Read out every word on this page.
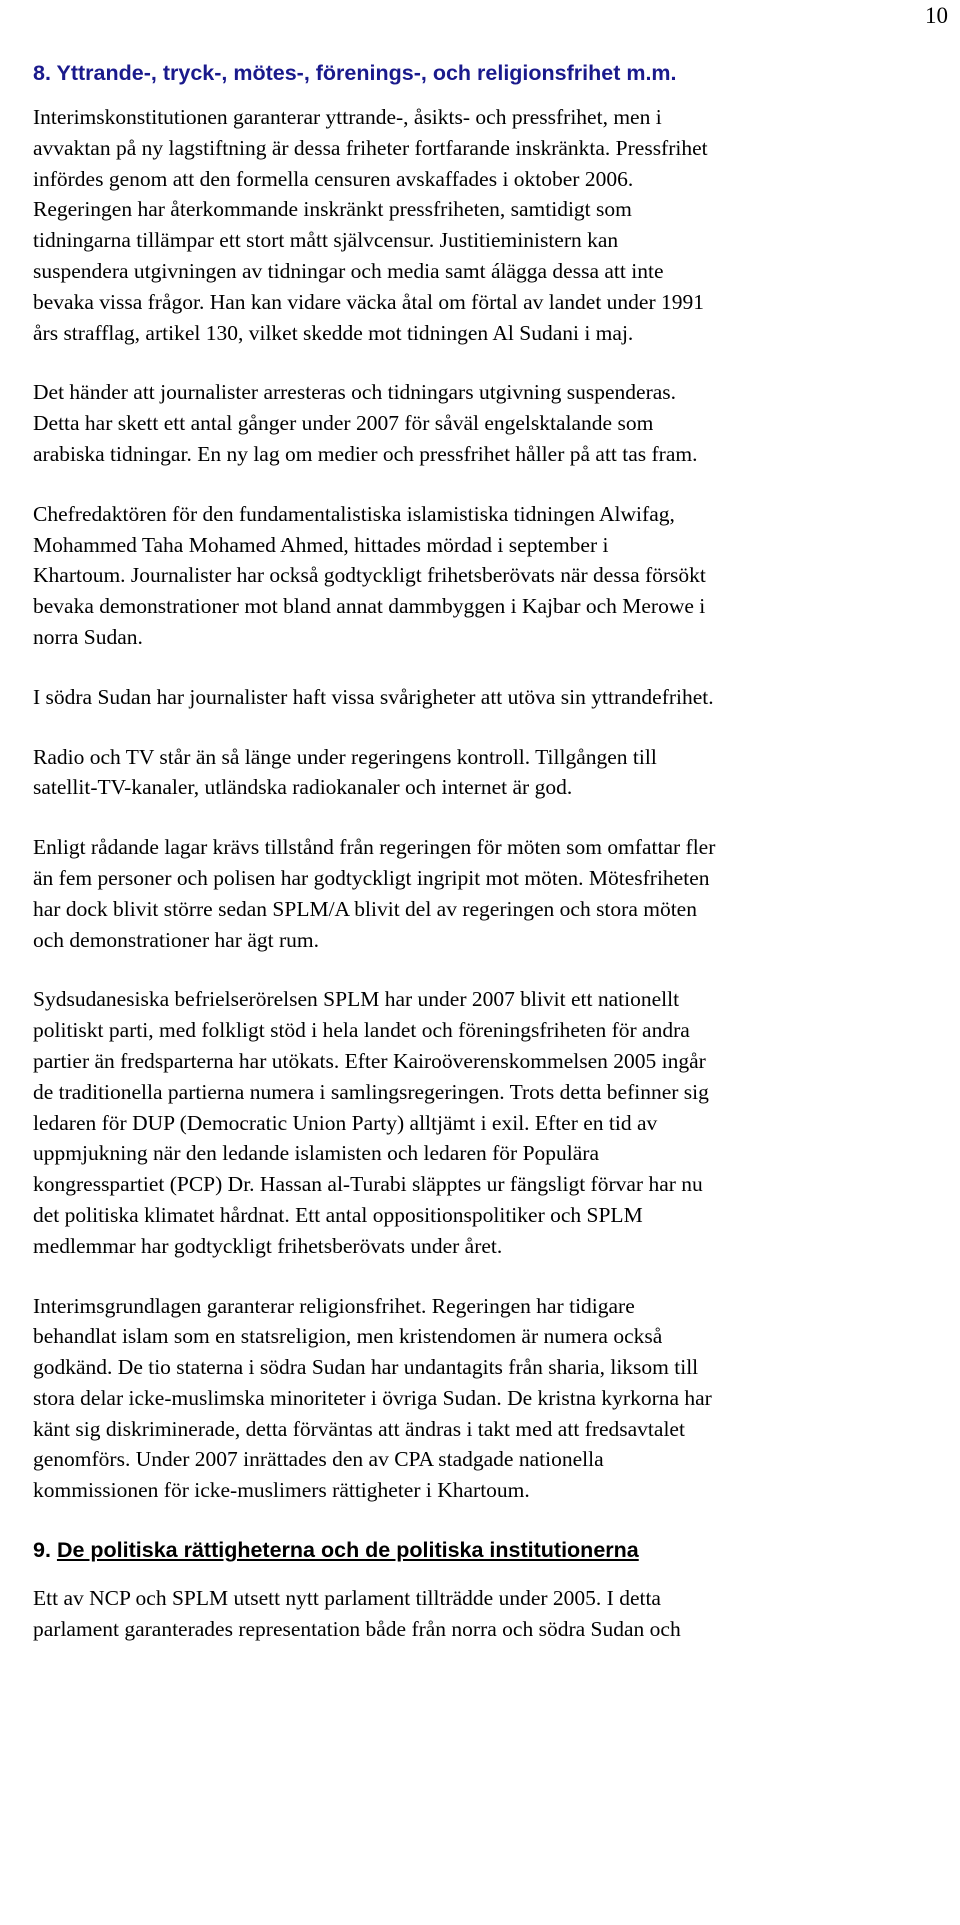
10
8. Yttrande-, tryck-, mötes-, förenings-, och religionsfrihet m.m.

Interimskonstitutionen garanterar yttrande-, åsikts- och pressfrihet, men i
avvaktan på ny lagstiftning är dessa friheter fortfarande inskränkta. Pressfrihet
infördes genom att den formella censuren avskaffades i oktober 2006.
Regeringen har återkommande inskränkt pressfriheten, samtidigt som
tidningarna tillämpar ett stort mått självcensur. Justitieministern kan
suspendera utgivningen av tidningar och media samt álägga dessa att inte
bevaka vissa frågor. Han kan vidare väcka åtal om förtal av landet under 1991
års strafflag, artikel 130, vilket skedde mot tidningen Al Sudani i maj.

Det händer att journalister arresteras och tidningars utgivning suspenderas.
Detta har skett ett antal gånger under 2007 för såväl engelsktalande som
arabiska tidningar. En ny lag om medier och pressfrihet håller på att tas fram.

Chefredaktören för den fundamentalistiska islamistiska tidningen Alwifag,
Mohammed Taha Mohamed Ahmed, hittades mördad i september i
Khartoum. Journalister har också godtyckligt frihetsberövats när dessa försökt
bevaka demonstrationer mot bland annat dammbyggen i Kajbar och Merowe i
norra Sudan.

I södra Sudan har journalister haft vissa svårigheter att utöva sin yttrandefrihet.

Radio och TV står än så länge under regeringens kontroll. Tillgången till
satellit-TV-kanaler, utländska radiokanaler och internet är god.

Enligt rådande lagar krävs tillstånd från regeringen för möten som omfattar fler
än fem personer och polisen har godtyckligt ingripit mot möten. Mötesfriheten
har dock blivit större sedan SPLM/A blivit del av regeringen och stora möten
och demonstrationer har ägt rum.

Sydsudanesiska befrielserörelsen SPLM har under 2007 blivit ett nationellt
politiskt parti, med folkligt stöd i hela landet och föreningsfriheten för andra
partier än fredsparterna har utökats. Efter Kairoöverenskommelsen 2005 ingår
de traditionella partierna numera i samlingsregeringen. Trots detta befinner sig
ledaren för DUP (Democratic Union Party) alltjämt i exil. Efter en tid av
uppmjukning när den ledande islamisten och ledaren för Populära
kongresspartiet (PCP) Dr. Hassan al-Turabi släpptes ur fängsligt förvar har nu
det politiska klimatet hårdnat. Ett antal oppositionspolitiker och SPLM
medlemmar har godtyckligt frihetsberövats under året.

Interimsgrundlagen garanterar religionsfrihet. Regeringen har tidigare
behandlat islam som en statsreligion, men kristendomen är numera också
godkänd. De tio staterna i södra Sudan har undantagits från sharia, liksom till
stora delar icke-muslimska minoriteter i övriga Sudan. De kristna kyrkorna har
känt sig diskriminerade, detta förväntas att ändras i takt med att fredsavtalet
genomförs. Under 2007 inrättades den av CPA stadgade nationella
kommissionen för icke-muslimers rättigheter i Khartoum.

9. De politiska rättigheterna och de politiska institutionerna

Ett av NCP och SPLM utsett nytt parlament tillträdde under 2005. I detta
parlament garanterades representation både från norra och södra Sudan och
